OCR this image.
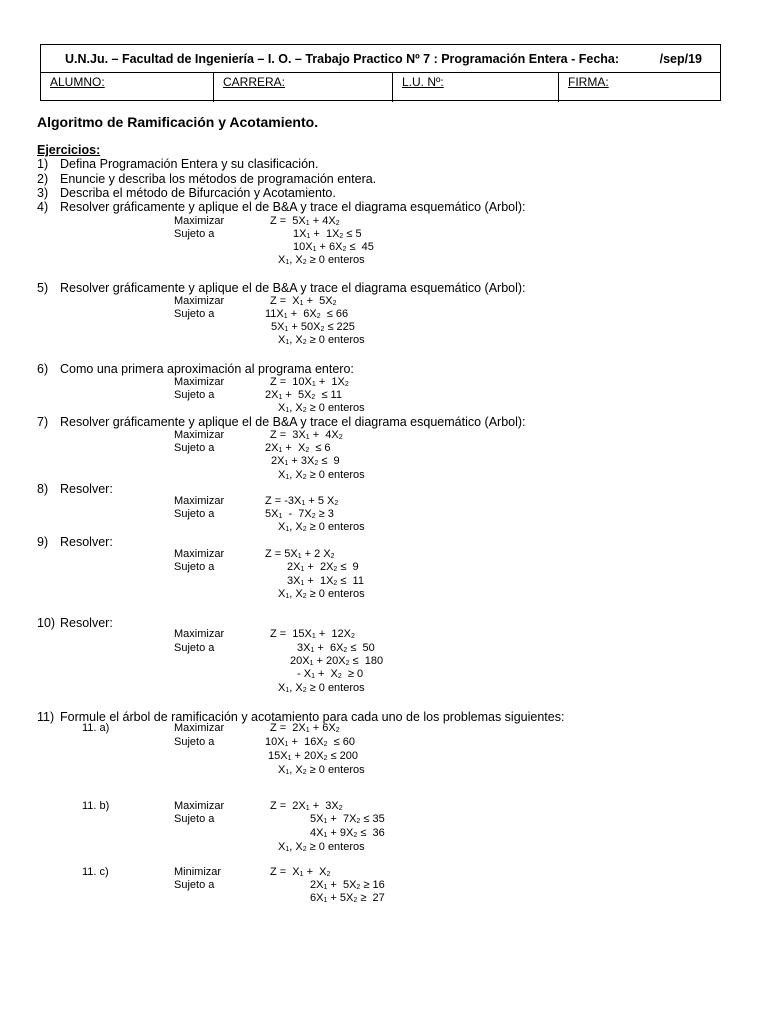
U.N.Ju. – Facultad de Ingeniería – I. O. – Trabajo Practico Nº 7 : Programación Entera - Fecha:	/sep/19
ALUMNO:	CARRERA:	L.U. Nº:	FIRMA:
Algoritmo de Ramificación y Acotamiento.
Ejercicios:
1) Defina Programación Entera y su clasificación.
2) Enuncie y describa los métodos de programación entera.
3) Describa el método de Bifurcación y Acotamiento.
4) Resolver gráficamente y aplique el de B&A y trace el diagrama esquemático (Arbol):
Maximizar	$Z = 5X_1 + 4X_2$
Sujeto a	$1X_1 + 1X_2 \le 5$
$10X_1 + 6X_2 \le 45$
$X_1$, $X_2 \ge 0$ enteros
5) Resolver gráficamente y aplique el de B&A y trace el diagrama esquemático (Arbol):
Maximizar	$Z = X_1 + 5X_2$
Sujeto a	$11X_1 + 6X_2 \le 66$
$5X_1 + 50X_2 \le 225$
$X_1$, $X_2 \ge 0$ enteros
6) Como una primera aproximación al programa entero:
Maximizar	$Z = 10X_1 + 1X_2$
Sujeto a	$2X_1 + 5X_2 \le 11$
$X_1$, $X_2 \ge 0$ enteros
7) Resolver gráficamente y aplique el de B&A y trace el diagrama esquemático (Arbol):
Maximizar	$Z = 3X_1 + 4X_2$
Sujeto a	$2X_1 + X_2 \le 6$
$2X_1 + 3X_2 \le 9$
$X_1$, $X_2 \ge 0$ enteros
8) Resolver:
Maximizar	$Z = -3X_1 + 5$ $X_2$
Sujeto a	$5X_1 - 7X_2 \ge 3$
$X_1$, $X_2 \ge 0$ enteros
9) Resolver:
Maximizar	$Z = 5X_1 + 2$ $X_2$
Sujeto a	$2X_1 + 2X_2 \le 9$
$3X_1 + 1X_2 \le 11$
$X_1$, $X_2 \ge 0$ enteros
10) Resolver:
Maximizar	$Z = 15X_1 + 12X_2$
Sujeto a	$3X_1 + 6X_2 \le 50$
$20X_1 + 20X_2 \le 180$
- $X_1 + X_2 \ge 0$
$X_1$, $X_2 \ge 0$ enteros
11) Formule el árbol de ramificación y acotamiento para cada uno de los problemas siguientes:
11. a)	Maximizar	$Z = 2X_1 + 6X_2$
Sujeto a	$10X_1 + 16X_2 \le 60$
$15X_1 + 20X_2 \le 200$
$X_1$, $X_2 \ge 0$ enteros
11. b)	Maximizar	$Z = 2X_1 + 3X_2$
Sujeto a	$5X_1 + 7X_2 \le 35$
$4X_1 + 9X_2 \le 36$
$X_1$, $X_2 \ge 0$ enteros
11. c)	Minimizar	$Z = X_1 + X_2$
Sujeto a	$2X_1 + 5X_2 \ge 16$
$6X_1 + 5X_2 \ge 27$
